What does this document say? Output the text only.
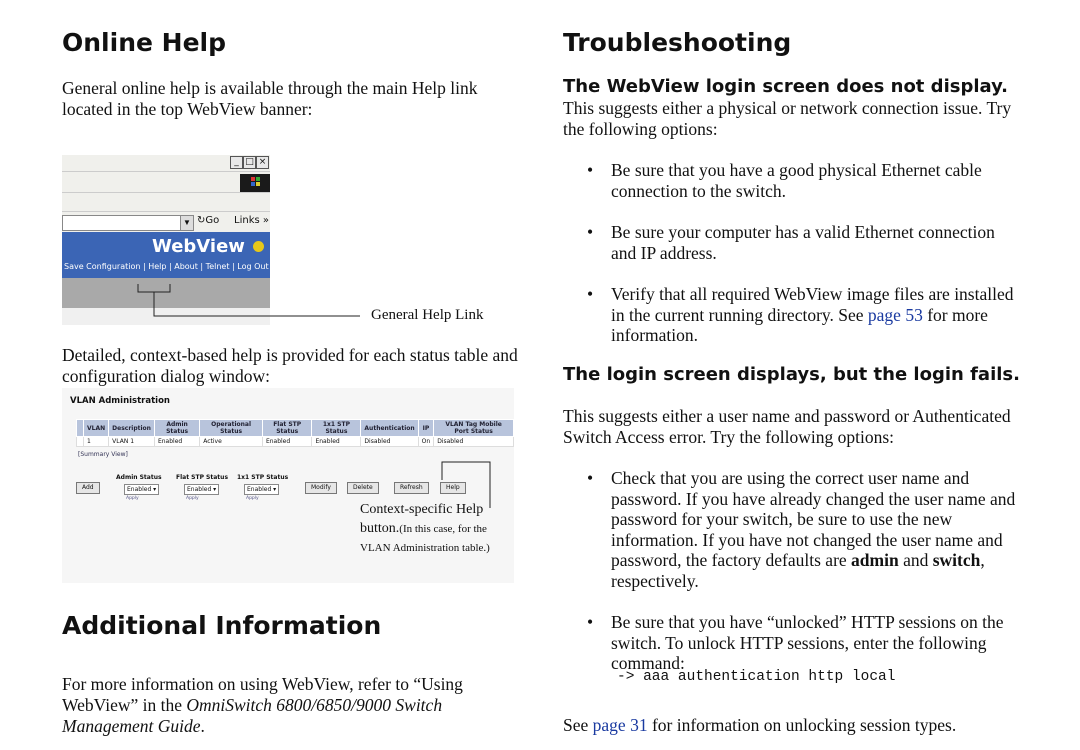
Online Help

General online help is available through the main Help link located in the top WebView banner:

_ □ ×
▼ ↻Go Links »
WebView
Save Configuration | Help | About | Telnet | Log Out
General Help Link

Detailed, context-based help is provided for each status table and configuration dialog window:

VLAN Administration
	VLAN	Description	Admin Status	Operational Status	Flat STP Status	1x1 STP Status	Authentication	IP	VLAN Tag Mobile Port Status
	1	VLAN 1	Enabled	Active	Enabled	Enabled	Disabled	On	Disabled
[Summary View]
Add
Admin Status
Enabled ▾
Apply
Flat STP Status
Enabled ▾
Apply
1x1 STP Status
Enabled ▾
Apply
Modify	Delete	Refresh	Help
Context-specific Help button.(In this case, for the VLAN Administration table.)
Additional Information

For more information on using WebView, refer to “Using WebView” in the OmniSwitch 6800/6850/9000 Switch Management Guide.

Troubleshooting
The WebView login screen does not display.

This suggests either a physical or network connection issue. Try the following options:

• Be sure that you have a good physical Ethernet cable connection to the switch.
• Be sure your computer has a valid Ethernet connection and IP address.
• Verify that all required WebView image files are installed in the current running directory. See page 53 for more information.
The login screen displays, but the login fails.

This suggests either a user name and password or Authenticated Switch Access error. Try the following options:

• Check that you are using the correct user name and password. If you have already changed the user name and password for your switch, be sure to use the new information. If you have not changed the user name and password, the factory defaults are admin and switch, respectively.
• Be sure that you have “unlocked” HTTP sessions on the switch. To unlock HTTP sessions, enter the following command:
-> aaa authentication http local

See page 31 for information on unlocking session types.
